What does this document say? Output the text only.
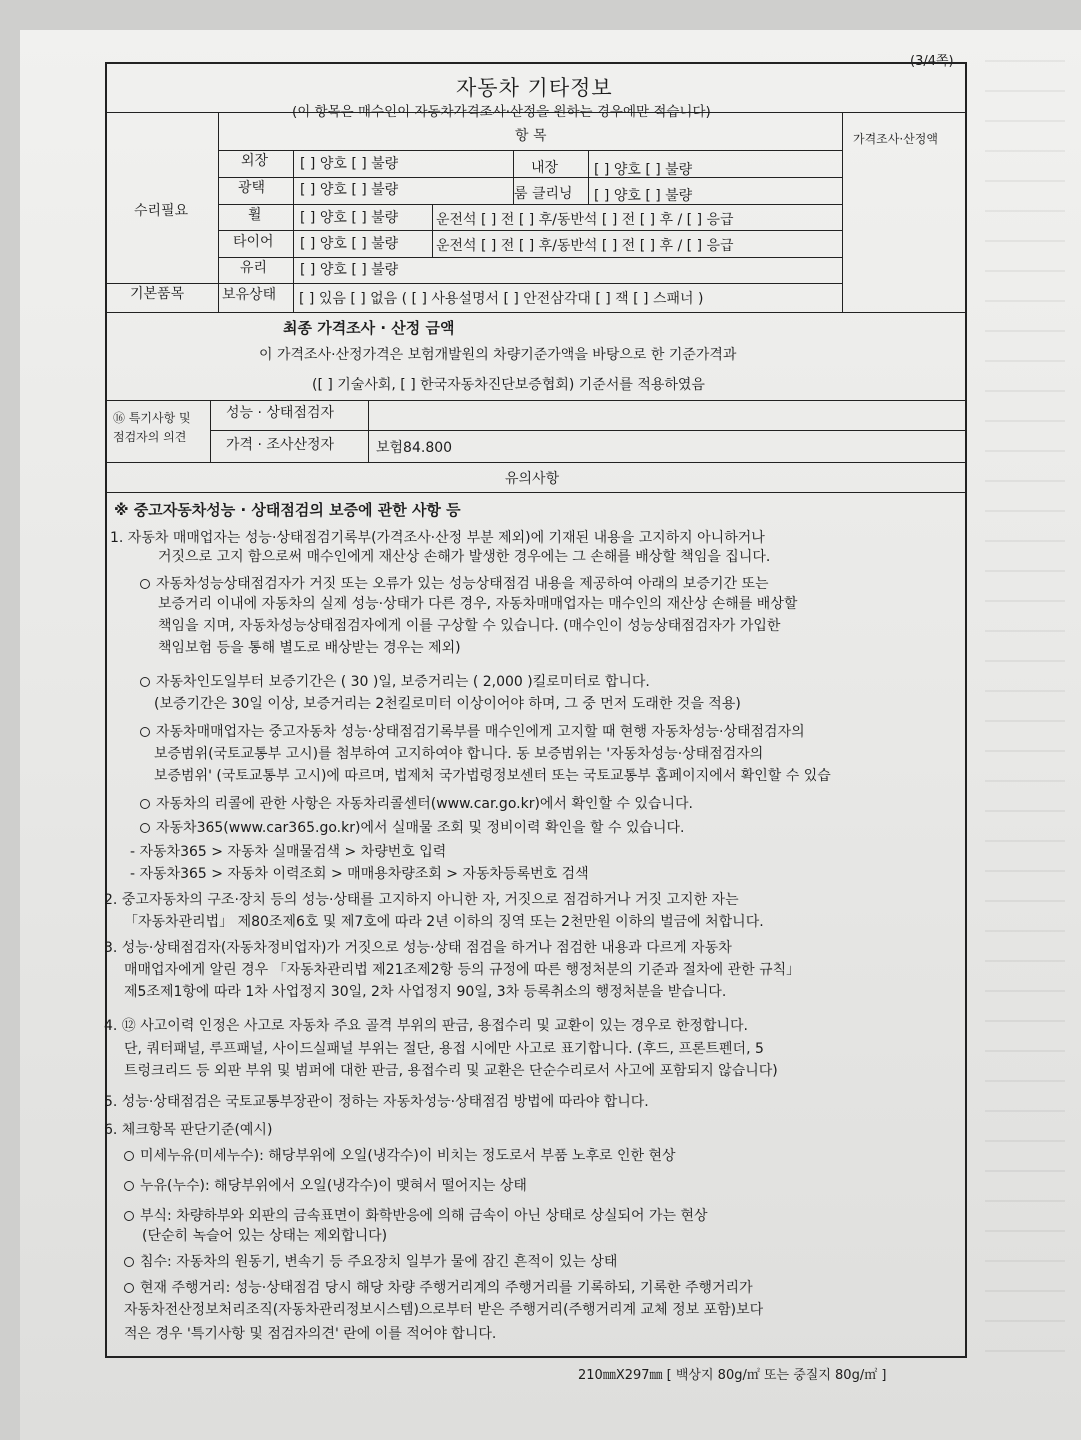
(3/4쪽)
자동차 기타정보
(이 항목은 매수인이 자동차가격조사·산정을 원하는 경우에만 적습니다)
항 목	가격조사·산정액
수리필요
기본품목
외장 [ ] 양호 [ ] 불량	내장	[ ] 양호 [ ] 불량
광택 [ ] 양호 [ ] 불량	룸 클리닝 [ ] 양호 [ ] 불량
휠	[ ] 양호 [ ] 불량	운전석 [ ] 전 [ ] 후/동반석 [ ] 전 [ ] 후 / [ ] 응급
타이어 [ ] 양호 [ ] 불량	운전석 [ ] 전 [ ] 후/동반석 [ ] 전 [ ] 후 / [ ] 응급
유리 [ ] 양호 [ ] 불량
보유상태 [ ] 있음 [ ] 없음 ( [ ] 사용설명서 [ ] 안전삼각대 [ ] 잭 [ ] 스패너 )
최종 가격조사 · 산정 금액
이 가격조사·산정가격은 보험개발원의 차량기준가액을 바탕으로 한 기준가격과
([ ] 기술사회, [ ] 한국자동차진단보증협회) 기준서를 적용하였음
⑯ 특기사항 및
점검자의 의견
성능 · 상태점검자
가격 · 조사산정자	보험84.800
유의사항
※ 중고자동차성능 · 상태점검의 보증에 관한 사항 등
1. 자동차 매매업자는 성능·상태점검기록부(가격조사·산정 부분 제외)에 기재된 내용을 고지하지 아니하거나
거짓으로 고지 함으로써 매수인에게 재산상 손해가 발생한 경우에는 그 손해를 배상할 책임을 집니다.
자동차성능상태점검자가 거짓 또는 오류가 있는 성능상태점검 내용을 제공하여 아래의 보증기간 또는
보증거리 이내에 자동차의 실제 성능·상태가 다른 경우, 자동차매매업자는 매수인의 재산상 손해를 배상할
책임을 지며, 자동차성능상태점검자에게 이를 구상할 수 있습니다. (매수인이 성능상태점검자가 가입한
책임보험 등을 통해 별도로 배상받는 경우는 제외)
자동차인도일부터 보증기간은 ( 30 )일, 보증거리는 ( 2,000 )킬로미터로 합니다.
(보증기간은 30일 이상, 보증거리는 2천킬로미터 이상이어야 하며, 그 중 먼저 도래한 것을 적용)
자동차매매업자는 중고자동차 성능·상태점검기록부를 매수인에게 고지할 때 현행 자동차성능·상태점검자의
보증범위(국토교통부 고시)를 첨부하여 고지하여야 합니다. 동 보증범위는 '자동차성능·상태점검자의
보증범위' (국토교통부 고시)에 따르며, 법제처 국가법령정보센터 또는 국토교통부 홈페이지에서 확인할 수 있습
자동차의 리콜에 관한 사항은 자동차리콜센터(www.car.go.kr)에서 확인할 수 있습니다.
자동차365(www.car365.go.kr)에서 실매물 조회 및 정비이력 확인을 할 수 있습니다.
- 자동차365 > 자동차 실매물검색 > 차량번호 입력
- 자동차365 > 자동차 이력조회 > 매매용차량조회 > 자동차등록번호 검색
2. 중고자동차의 구조·장치 등의 성능·상태를 고지하지 아니한 자, 거짓으로 점검하거나 거짓 고지한 자는
「자동차관리법」 제80조제6호 및 제7호에 따라 2년 이하의 징역 또는 2천만원 이하의 벌금에 처합니다.
3. 성능·상태점검자(자동차정비업자)가 거짓으로 성능·상태 점검을 하거나 점검한 내용과 다르게 자동차
매매업자에게 알린 경우 「자동차관리법 제21조제2항 등의 규정에 따른 행정처분의 기준과 절차에 관한 규칙」
제5조제1항에 따라 1차 사업정지 30일, 2차 사업정지 90일, 3차 등록취소의 행정처분을 받습니다.
4. ⑫ 사고이력 인정은 사고로 자동차 주요 골격 부위의 판금, 용접수리 및 교환이 있는 경우로 한정합니다.
단, 쿼터패널, 루프패널, 사이드실패널 부위는 절단, 용접 시에만 사고로 표기합니다. (후드, 프론트펜더, 5
트렁크리드 등 외판 부위 및 범퍼에 대한 판금, 용접수리 및 교환은 단순수리로서 사고에 포함되지 않습니다)
5. 성능·상태점검은 국토교통부장관이 정하는 자동차성능·상태점검 방법에 따라야 합니다.
6. 체크항목 판단기준(예시)
미세누유(미세누수): 해당부위에 오일(냉각수)이 비치는 정도로서 부품 노후로 인한 현상
누유(누수): 해당부위에서 오일(냉각수)이 맺혀서 떨어지는 상태
부식: 차량하부와 외판의 금속표면이 화학반응에 의해 금속이 아닌 상태로 상실되어 가는 현상
(단순히 녹슬어 있는 상태는 제외합니다)
침수: 자동차의 원동기, 변속기 등 주요장치 일부가 물에 잠긴 흔적이 있는 상태
현재 주행거리: 성능·상태점검 당시 해당 차량 주행거리계의 주행거리를 기록하되, 기록한 주행거리가
자동차전산정보처리조직(자동차관리정보시스템)으로부터 받은 주행거리(주행거리계 교체 정보 포함)보다
적은 경우 '특기사항 및 점검자의견' 란에 이를 적어야 합니다.
210㎜X297㎜ [ 백상지 80g/㎡ 또는 중질지 80g/㎡ ]
